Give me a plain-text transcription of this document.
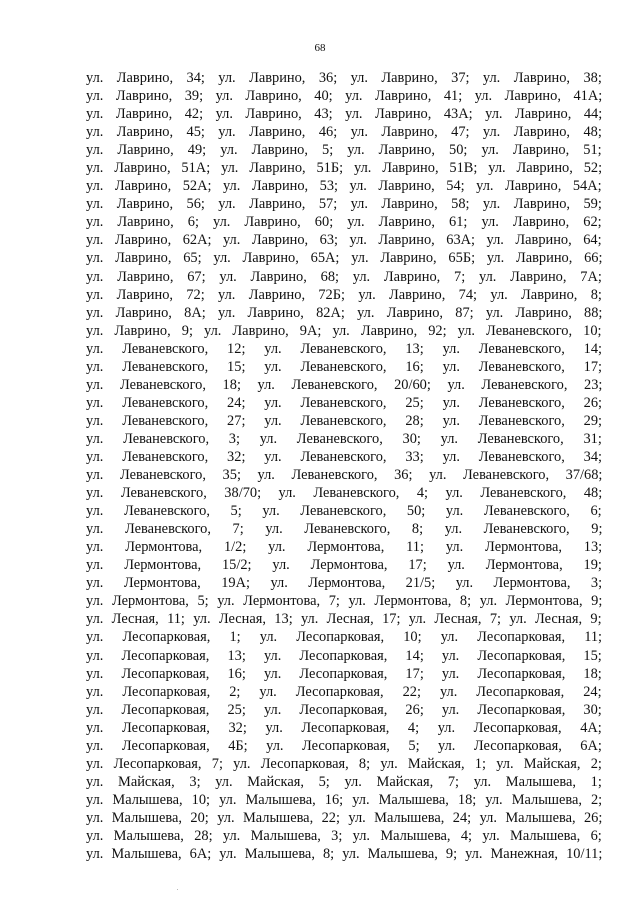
68
ул. Лаврино, 34; ул. Лаврино, 36; ул. Лаврино, 37; ул. Лаврино, 38;
ул. Лаврино, 39; ул. Лаврино, 40; ул. Лаврино, 41; ул. Лаврино, 41А;
ул. Лаврино, 42; ул. Лаврино, 43; ул. Лаврино, 43А; ул. Лаврино, 44;
ул. Лаврино, 45; ул. Лаврино, 46; ул. Лаврино, 47; ул. Лаврино, 48;
ул. Лаврино, 49; ул. Лаврино, 5; ул. Лаврино, 50; ул. Лаврино, 51;
ул. Лаврино, 51А; ул. Лаврино, 51Б; ул. Лаврино, 51В; ул. Лаврино, 52;
ул. Лаврино, 52А; ул. Лаврино, 53; ул. Лаврино, 54; ул. Лаврино, 54А;
ул. Лаврино, 56; ул. Лаврино, 57; ул. Лаврино, 58; ул. Лаврино, 59;
ул. Лаврино, 6; ул. Лаврино, 60; ул. Лаврино, 61; ул. Лаврино, 62;
ул. Лаврино, 62А; ул. Лаврино, 63; ул. Лаврино, 63А; ул. Лаврино, 64;
ул. Лаврино, 65; ул. Лаврино, 65А; ул. Лаврино, 65Б; ул. Лаврино, 66;
ул. Лаврино, 67; ул. Лаврино, 68; ул. Лаврино, 7; ул. Лаврино, 7А;
ул. Лаврино, 72; ул. Лаврино, 72Б; ул. Лаврино, 74; ул. Лаврино, 8;
ул. Лаврино, 8А; ул. Лаврино, 82А; ул. Лаврино, 87; ул. Лаврино, 88;
ул. Лаврино, 9; ул. Лаврино, 9А; ул. Лаврино, 92; ул. Леваневского, 10;
ул. Леваневского, 12; ул. Леваневского, 13; ул. Леваневского, 14;
ул. Леваневского, 15; ул. Леваневского, 16; ул. Леваневского, 17;
ул. Леваневского, 18; ул. Леваневского, 20/60; ул. Леваневского, 23;
ул. Леваневского, 24; ул. Леваневского, 25; ул. Леваневского, 26;
ул. Леваневского, 27; ул. Леваневского, 28; ул. Леваневского, 29;
ул. Леваневского, 3; ул. Леваневского, 30; ул. Леваневского, 31;
ул. Леваневского, 32; ул. Леваневского, 33; ул. Леваневского, 34;
ул. Леваневского, 35; ул. Леваневского, 36; ул. Леваневского, 37/68;
ул. Леваневского, 38/70; ул. Леваневского, 4; ул. Леваневского, 48;
ул. Леваневского, 5; ул. Леваневского, 50; ул. Леваневского, 6;
ул. Леваневского, 7; ул. Леваневского, 8; ул. Леваневского, 9;
ул. Лермонтова, 1/2; ул. Лермонтова, 11; ул. Лермонтова, 13;
ул. Лермонтова, 15/2; ул. Лермонтова, 17; ул. Лермонтова, 19;
ул. Лермонтова, 19А; ул. Лермонтова, 21/5; ул. Лермонтова, 3;
ул. Лермонтова, 5; ул. Лермонтова, 7; ул. Лермонтова, 8; ул. Лермонтова, 9;
ул. Лесная, 11; ул. Лесная, 13; ул. Лесная, 17; ул. Лесная, 7; ул. Лесная, 9;
ул. Лесопарковая, 1; ул. Лесопарковая, 10; ул. Лесопарковая, 11;
ул. Лесопарковая, 13; ул. Лесопарковая, 14; ул. Лесопарковая, 15;
ул. Лесопарковая, 16; ул. Лесопарковая, 17; ул. Лесопарковая, 18;
ул. Лесопарковая, 2; ул. Лесопарковая, 22; ул. Лесопарковая, 24;
ул. Лесопарковая, 25; ул. Лесопарковая, 26; ул. Лесопарковая, 30;
ул. Лесопарковая, 32; ул. Лесопарковая, 4; ул. Лесопарковая, 4А;
ул. Лесопарковая, 4Б; ул. Лесопарковая, 5; ул. Лесопарковая, 6А;
ул. Лесопарковая, 7; ул. Лесопарковая, 8; ул. Майская, 1; ул. Майская, 2;
ул. Майская, 3; ул. Майская, 5; ул. Майская, 7; ул. Малышева, 1;
ул. Малышева, 10; ул. Малышева, 16; ул. Малышева, 18; ул. Малышева, 2;
ул. Малышева, 20; ул. Малышева, 22; ул. Малышева, 24; ул. Малышева, 26;
ул. Малышева, 28; ул. Малышева, 3; ул. Малышева, 4; ул. Малышева, 6;
ул. Малышева, 6А; ул. Малышева, 8; ул. Малышева, 9; ул. Манежная, 10/11;
